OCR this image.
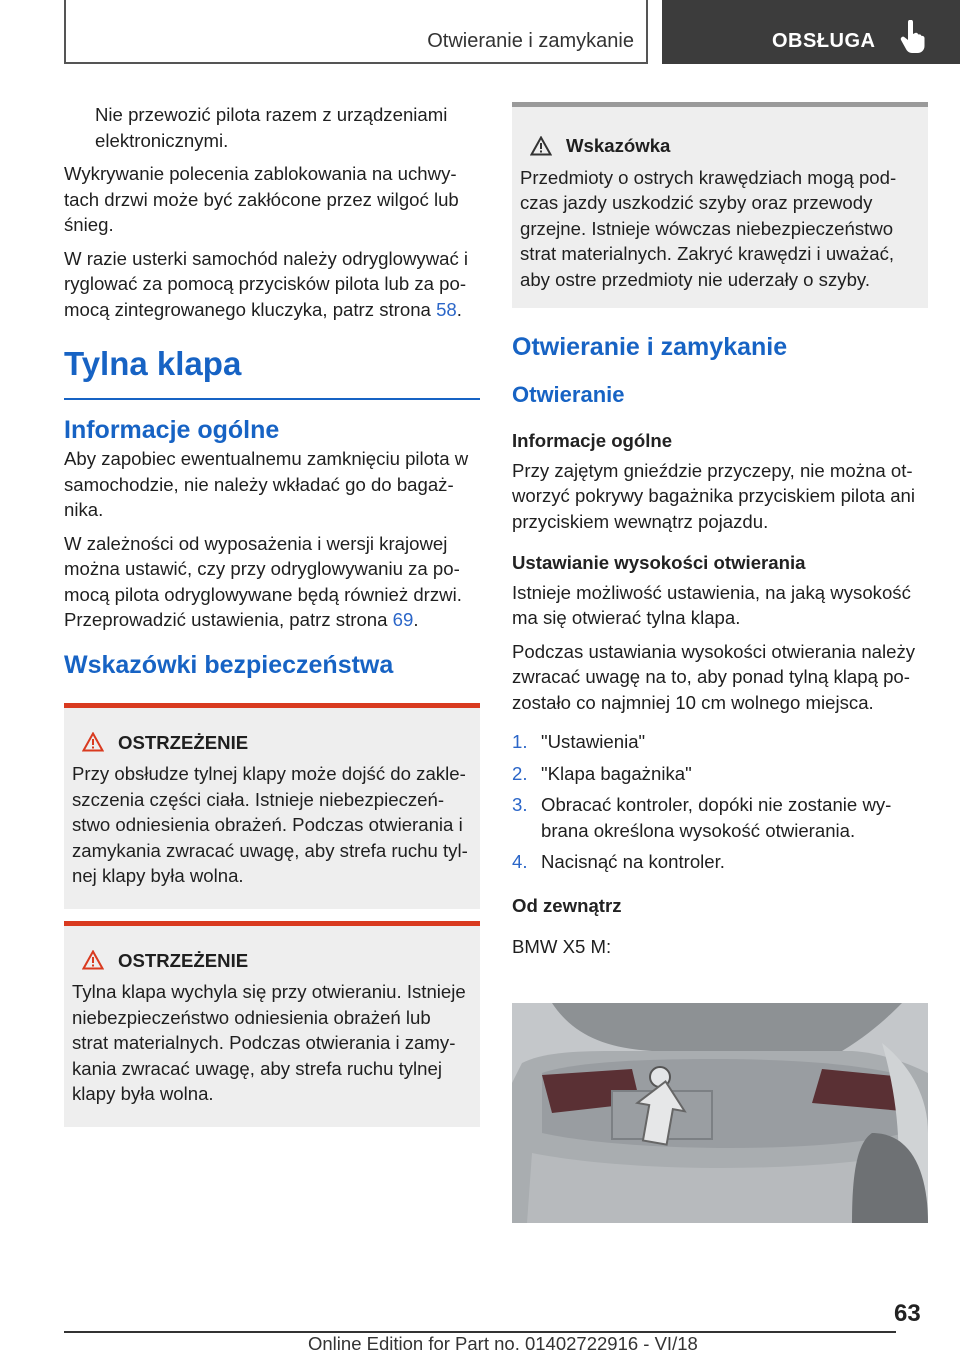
Otwieranie i zamykanie	OBSŁUGA

Nie przewozić pilota razem z urządzeniami elektronicznymi.

Wykrywanie polecenia zablokowania na uchwytach drzwi może być zakłócone przez wilgoć lub śnieg.

W razie usterki samochód należy odryglowywać i ryglować za pomocą przycisków pilota lub za pomocą zintegrowanego kluczyka, patrz strona 58.

Tylna klapa
Informacje ogólne

Aby zapobiec ewentualnemu zamknięciu pilota w samochodzie, nie należy wkładać go do bagażnika.

W zależności od wyposażenia i wersji krajowej można ustawić, czy przy odryglowywaniu za pomocą pilota odryglowywane będą również drzwi. Przeprowadzić ustawienia, patrz strona 69.

Wskazówki bezpieczeństwa
OSTRZEŻENIE
Przy obsłudze tylnej klapy może dojść do zakleszczenia części ciała. Istnieje niebezpieczeństwo odniesienia obrażeń. Podczas otwierania i zamykania zwracać uwagę, aby strefa ruchu tylnej klapy była wolna.
OSTRZEŻENIE
Tylna klapa wychyla się przy otwieraniu. Istnieje niebezpieczeństwo odniesienia obrażeń lub strat materialnych. Podczas otwierania i zamykania zwracać uwagę, aby strefa ruchu tylnej klapy była wolna.
Wskazówka
Przedmioty o ostrych krawędziach mogą podczas jazdy uszkodzić szyby oraz przewody grzejne. Istnieje wówczas niebezpieczeństwo strat materialnych. Zakryć krawędzi i uważać, aby ostre przedmioty nie uderzały o szyby.
Otwieranie i zamykanie
Otwieranie
Informacje ogólne

Przy zajętym gnieździe przyczepy, nie można otworzyć pokrywy bagażnika przyciskiem pilota ani przyciskiem wewnątrz pojazdu.

Ustawianie wysokości otwierania

Istnieje możliwość ustawienia, na jaką wysokość ma się otwierać tylna klapa.

Podczas ustawiania wysokości otwierania należy zwracać uwagę na to, aby ponad tylną klapą pozostało co najmniej 10 cm wolnego miejsca.

1. "Ustawienia"
2. "Klapa bagażnika"
3. Obracać kontroler, dopóki nie zostanie wybrana określona wysokość otwierania.
4. Nacisnąć na kontroler.
Od zewnątrz

BMW X5 M:

63
Online Edition for Part no. 01402722916 - VI/18
